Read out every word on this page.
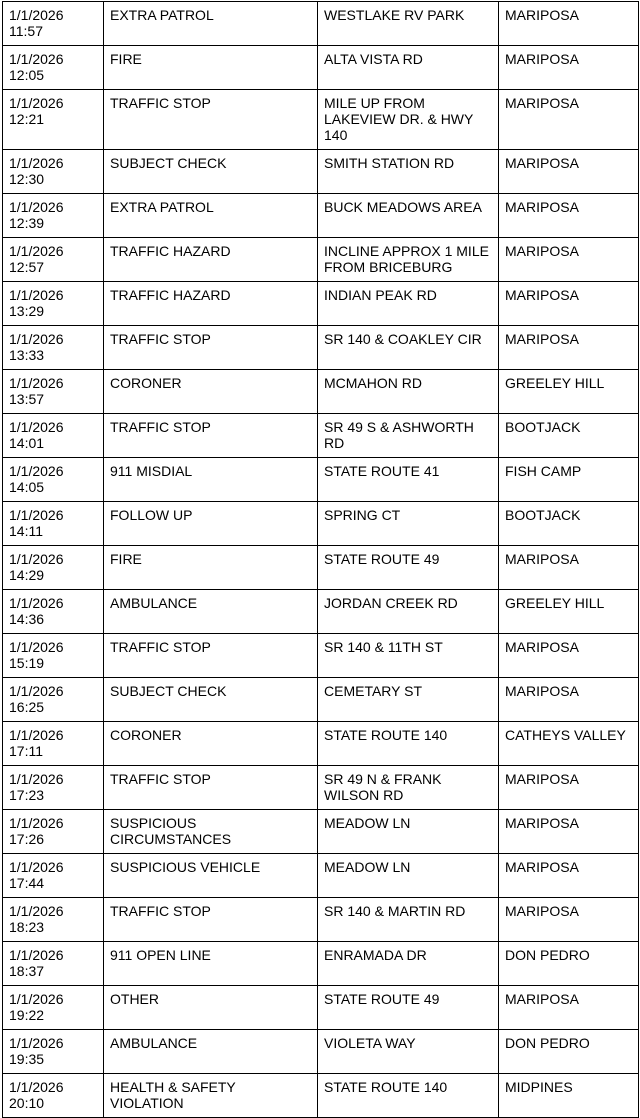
1/1/2026 11:57	EXTRA PATROL	WESTLAKE RV PARK	MARIPOSA
1/1/2026 12:05	FIRE	ALTA VISTA RD	MARIPOSA
1/1/2026 12:21	TRAFFIC STOP	MILE UP FROM LAKEVIEW DR. & HWY 140	MARIPOSA
1/1/2026 12:30	SUBJECT CHECK	SMITH STATION RD	MARIPOSA
1/1/2026 12:39	EXTRA PATROL	BUCK MEADOWS AREA	MARIPOSA
1/1/2026 12:57	TRAFFIC HAZARD	INCLINE APPROX 1 MILE FROM BRICEBURG	MARIPOSA
1/1/2026 13:29	TRAFFIC HAZARD	INDIAN PEAK RD	MARIPOSA
1/1/2026 13:33	TRAFFIC STOP	SR 140 & COAKLEY CIR	MARIPOSA
1/1/2026 13:57	CORONER	MCMAHON RD	GREELEY HILL
1/1/2026 14:01	TRAFFIC STOP	SR 49 S & ASHWORTH RD	BOOTJACK
1/1/2026 14:05	911 MISDIAL	STATE ROUTE 41	FISH CAMP
1/1/2026 14:11	FOLLOW UP	SPRING CT	BOOTJACK
1/1/2026 14:29	FIRE	STATE ROUTE 49	MARIPOSA
1/1/2026 14:36	AMBULANCE	JORDAN CREEK RD	GREELEY HILL
1/1/2026 15:19	TRAFFIC STOP	SR 140 & 11TH ST	MARIPOSA
1/1/2026 16:25	SUBJECT CHECK	CEMETARY ST	MARIPOSA
1/1/2026 17:11	CORONER	STATE ROUTE 140	CATHEYS VALLEY
1/1/2026 17:23	TRAFFIC STOP	SR 49 N & FRANK WILSON RD	MARIPOSA
1/1/2026 17:26	SUSPICIOUS CIRCUMSTANCES	MEADOW LN	MARIPOSA
1/1/2026 17:44	SUSPICIOUS VEHICLE	MEADOW LN	MARIPOSA
1/1/2026 18:23	TRAFFIC STOP	SR 140 & MARTIN RD	MARIPOSA
1/1/2026 18:37	911 OPEN LINE	ENRAMADA DR	DON PEDRO
1/1/2026 19:22	OTHER	STATE ROUTE 49	MARIPOSA
1/1/2026 19:35	AMBULANCE	VIOLETA WAY	DON PEDRO
1/1/2026 20:10	HEALTH & SAFETY VIOLATION	STATE ROUTE 140	MIDPINES
